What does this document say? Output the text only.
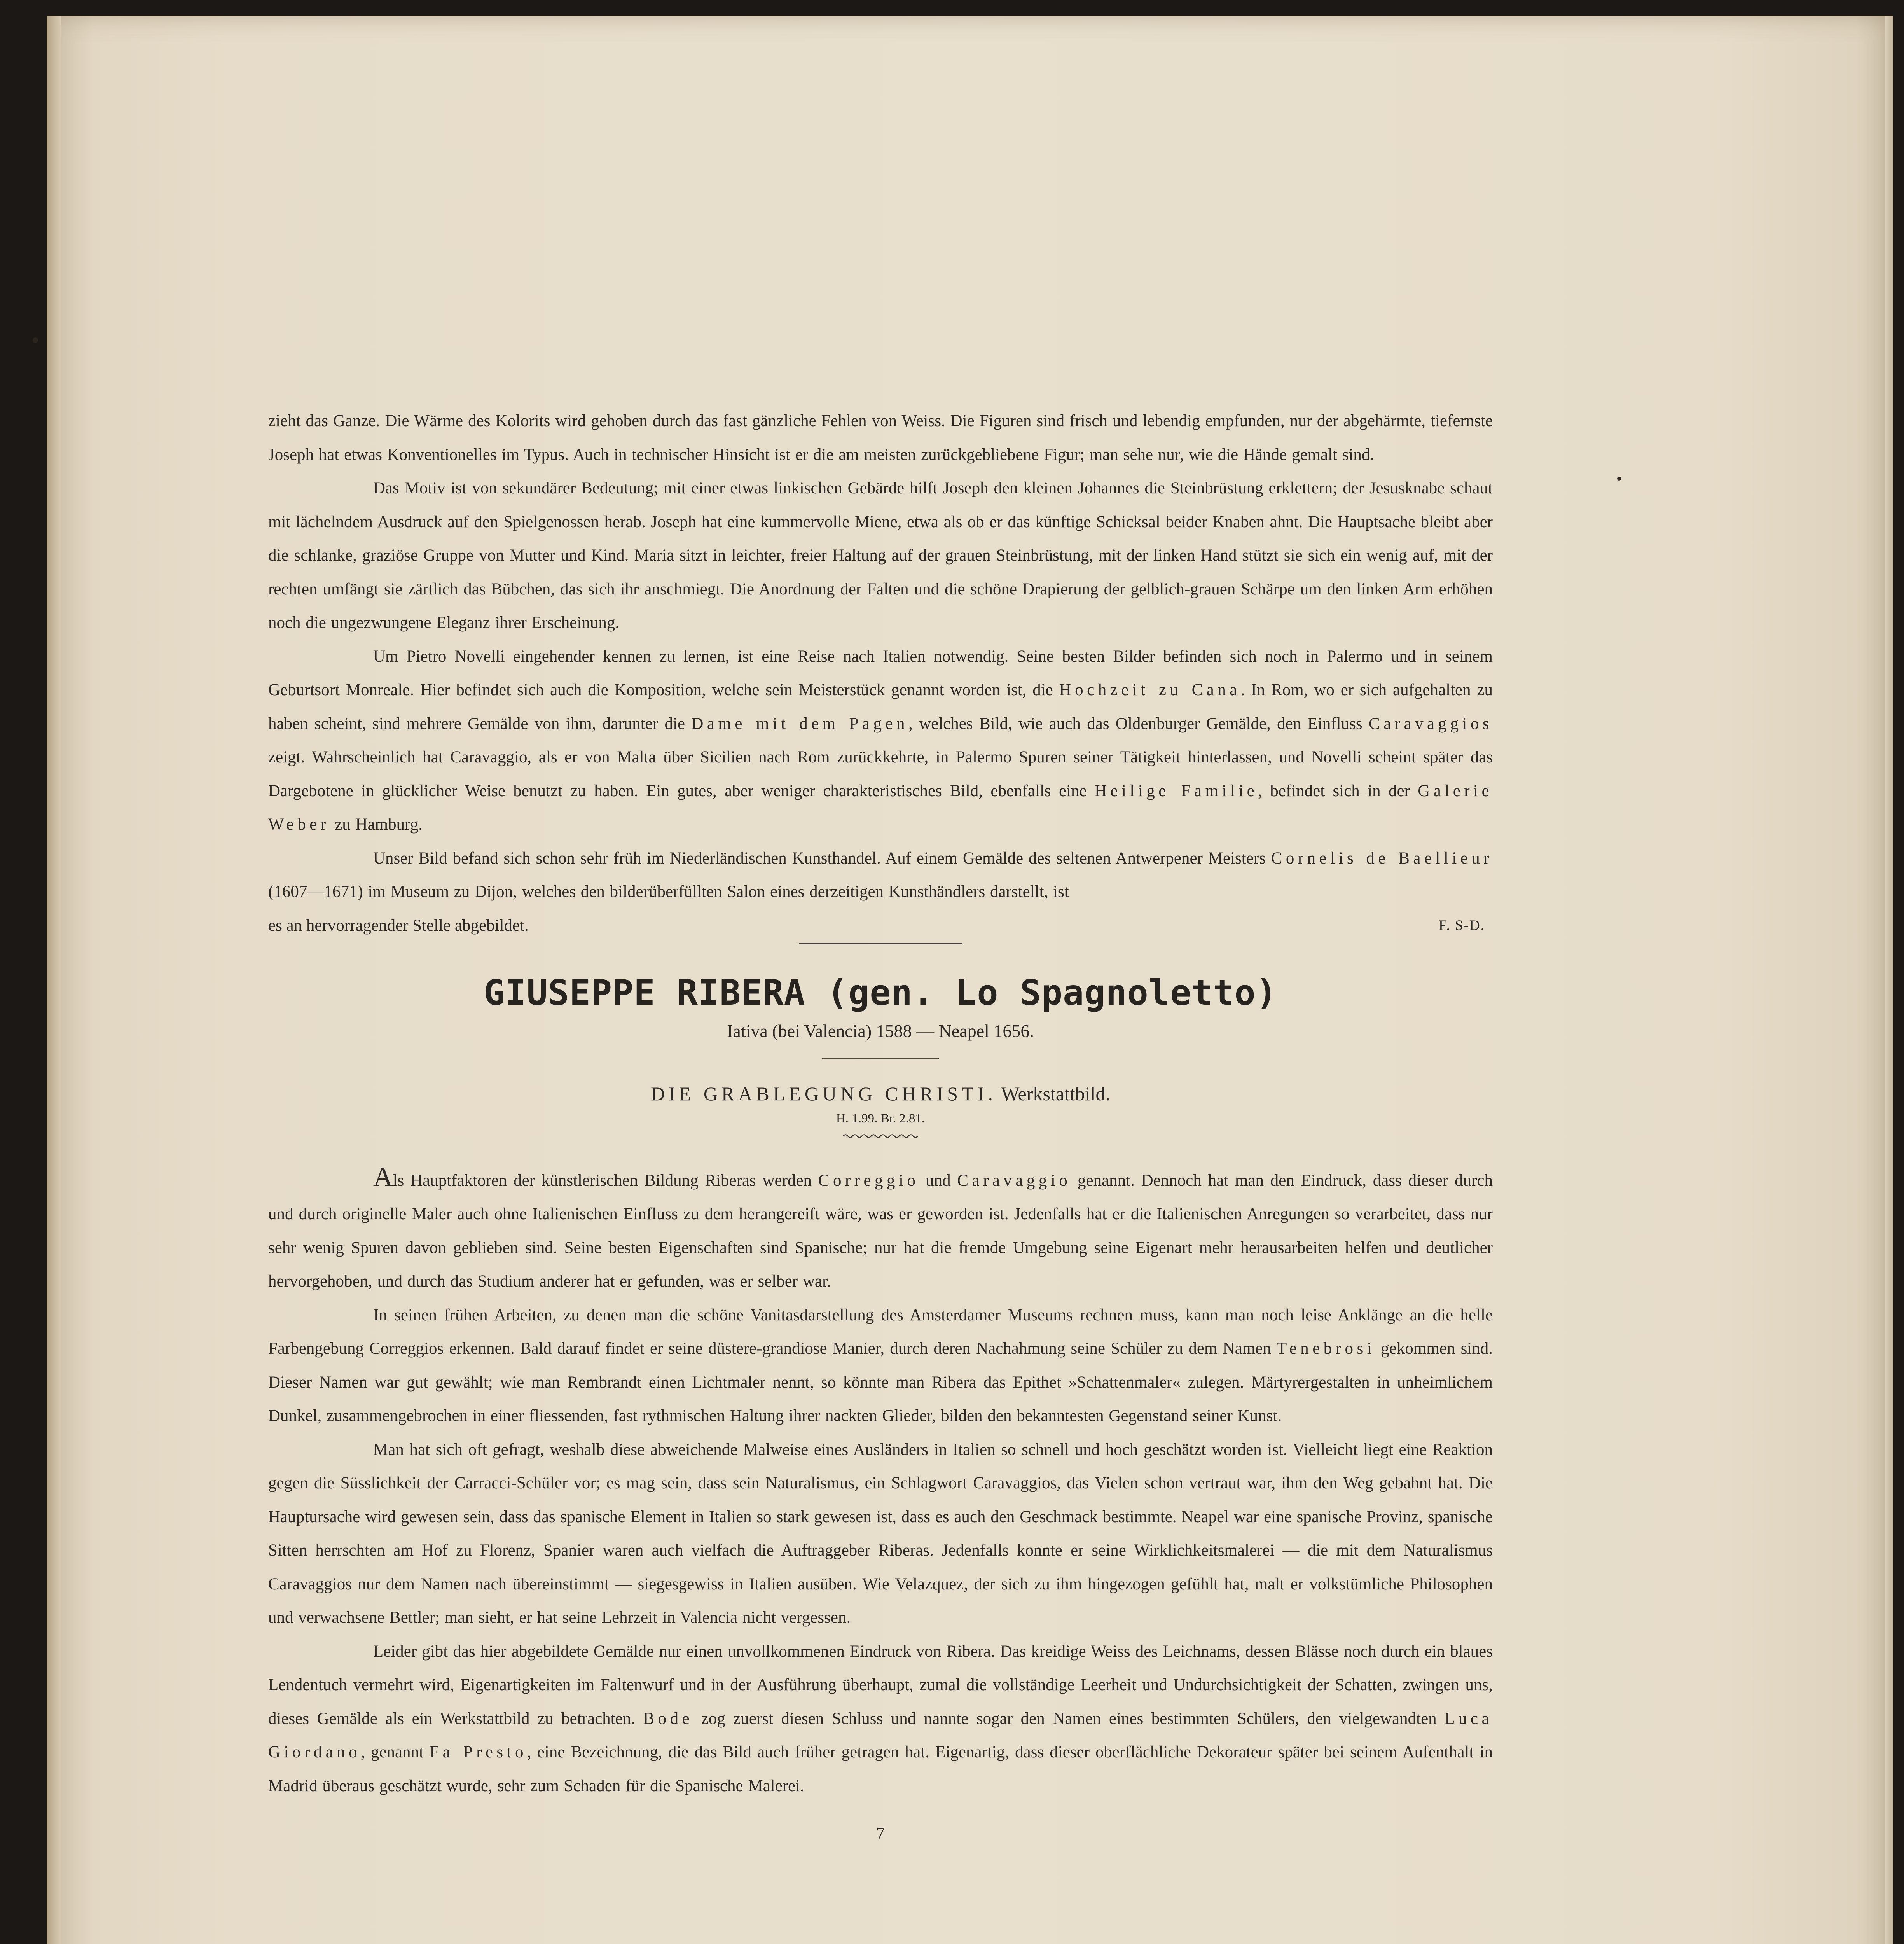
zieht das Ganze. Die Wärme des Kolorits wird gehoben durch das fast gänzliche Fehlen von Weiss. Die Figuren sind frisch und lebendig empfunden, nur der abgehärmte, tiefernste Joseph hat etwas Konventionelles im Typus. Auch in technischer Hinsicht ist er die am meisten zurückgebliebene Figur; man sehe nur, wie die Hände gemalt sind.

Das Motiv ist von sekundärer Bedeutung; mit einer etwas linkischen Gebärde hilft Joseph den kleinen Johannes die Steinbrüstung erklettern; der Jesusknabe schaut mit lächelndem Ausdruck auf den Spielgenossen herab. Joseph hat eine kummervolle Miene, etwa als ob er das künftige Schicksal beider Knaben ahnt. Die Hauptsache bleibt aber die schlanke, graziöse Gruppe von Mutter und Kind. Maria sitzt in leichter, freier Haltung auf der grauen Steinbrüstung, mit der linken Hand stützt sie sich ein wenig auf, mit der rechten umfängt sie zärtlich das Bübchen, das sich ihr anschmiegt. Die Anordnung der Falten und die schöne Drapierung der gelblich-grauen Schärpe um den linken Arm erhöhen noch die ungezwungene Eleganz ihrer Erscheinung.

Um Pietro Novelli eingehender kennen zu lernen, ist eine Reise nach Italien notwendig. Seine besten Bilder befinden sich noch in Palermo und in seinem Geburtsort Monreale. Hier befindet sich auch die Komposition, welche sein Meisterstück genannt worden ist, die Hochzeit zu Cana. In Rom, wo er sich aufgehalten zu haben scheint, sind mehrere Gemälde von ihm, darunter die Dame mit dem Pagen, welches Bild, wie auch das Oldenburger Gemälde, den Einfluss Caravaggios zeigt. Wahrscheinlich hat Caravaggio, als er von Malta über Sicilien nach Rom zurückkehrte, in Palermo Spuren seiner Tätigkeit hinterlassen, und Novelli scheint später das Dargebotene in glücklicher Weise benutzt zu haben. Ein gutes, aber weniger charakteristisches Bild, ebenfalls eine Heilige Familie, befindet sich in der Galerie Weber zu Hamburg.

Unser Bild befand sich schon sehr früh im Niederländischen Kunsthandel. Auf einem Gemälde des seltenen Antwerpener Meisters Cornelis de Baellieur (1607—1671) im Museum zu Dijon, welches den bilderüberfüllten Salon eines derzeitigen Kunsthändlers darstellt, ist

es an hervorragender Stelle abgebildet.	F. S-D.
GIUSEPPE RIBERA (gen. Lo Spagnoletto)
Iativa (bei Valencia) 1588 — Neapel 1656.
DIE GRABLEGUNG CHRISTI. Werkstattbild.
H. 1.99. Br. 2.81.

Als Hauptfaktoren der künstlerischen Bildung Riberas werden Correggio und Caravaggio genannt. Dennoch hat man den Eindruck, dass dieser durch und durch originelle Maler auch ohne Italienischen Einfluss zu dem herangereift wäre, was er geworden ist. Jedenfalls hat er die Italienischen Anregungen so verarbeitet, dass nur sehr wenig Spuren davon geblieben sind. Seine besten Eigenschaften sind Spanische; nur hat die fremde Umgebung seine Eigenart mehr herausarbeiten helfen und deutlicher hervorgehoben, und durch das Studium anderer hat er gefunden, was er selber war.

In seinen frühen Arbeiten, zu denen man die schöne Vanitasdarstellung des Amsterdamer Museums rechnen muss, kann man noch leise Anklänge an die helle Farbengebung Correggios erkennen. Bald darauf findet er seine düstere-grandiose Manier, durch deren Nachahmung seine Schüler zu dem Namen Tenebrosi gekommen sind. Dieser Namen war gut gewählt; wie man Rembrandt einen Lichtmaler nennt, so könnte man Ribera das Epithet »Schattenmaler« zulegen. Märtyrergestalten in unheimlichem Dunkel, zusammengebrochen in einer fliessenden, fast rythmischen Haltung ihrer nackten Glieder, bilden den bekanntesten Gegenstand seiner Kunst.

Man hat sich oft gefragt, weshalb diese abweichende Malweise eines Ausländers in Italien so schnell und hoch geschätzt worden ist. Vielleicht liegt eine Reaktion gegen die Süsslichkeit der Carracci-Schüler vor; es mag sein, dass sein Naturalismus, ein Schlagwort Caravaggios, das Vielen schon vertraut war, ihm den Weg gebahnt hat. Die Hauptursache wird gewesen sein, dass das spanische Element in Italien so stark gewesen ist, dass es auch den Geschmack bestimmte. Neapel war eine spanische Provinz, spanische Sitten herrschten am Hof zu Florenz, Spanier waren auch vielfach die Auftraggeber Riberas. Jedenfalls konnte er seine Wirklichkeitsmalerei — die mit dem Naturalismus Caravaggios nur dem Namen nach übereinstimmt — siegesgewiss in Italien ausüben. Wie Velazquez, der sich zu ihm hingezogen gefühlt hat, malt er volkstümliche Philosophen und verwachsene Bettler; man sieht, er hat seine Lehrzeit in Valencia nicht vergessen.

Leider gibt das hier abgebildete Gemälde nur einen unvollkommenen Eindruck von Ribera. Das kreidige Weiss des Leichnams, dessen Blässe noch durch ein blaues Lendentuch vermehrt wird, Eigenartigkeiten im Faltenwurf und in der Ausführung überhaupt, zumal die vollständige Leerheit und Undurchsichtigkeit der Schatten, zwingen uns, dieses Gemälde als ein Werkstattbild zu betrachten. Bode zog zuerst diesen Schluss und nannte sogar den Namen eines bestimmten Schülers, den vielgewandten Luca Giordano, genannt Fa Presto, eine Bezeichnung, die das Bild auch früher getragen hat. Eigenartig, dass dieser oberflächliche Dekorateur später bei seinem Aufenthalt in Madrid überaus geschätzt wurde, sehr zum Schaden für die Spanische Malerei.

7
